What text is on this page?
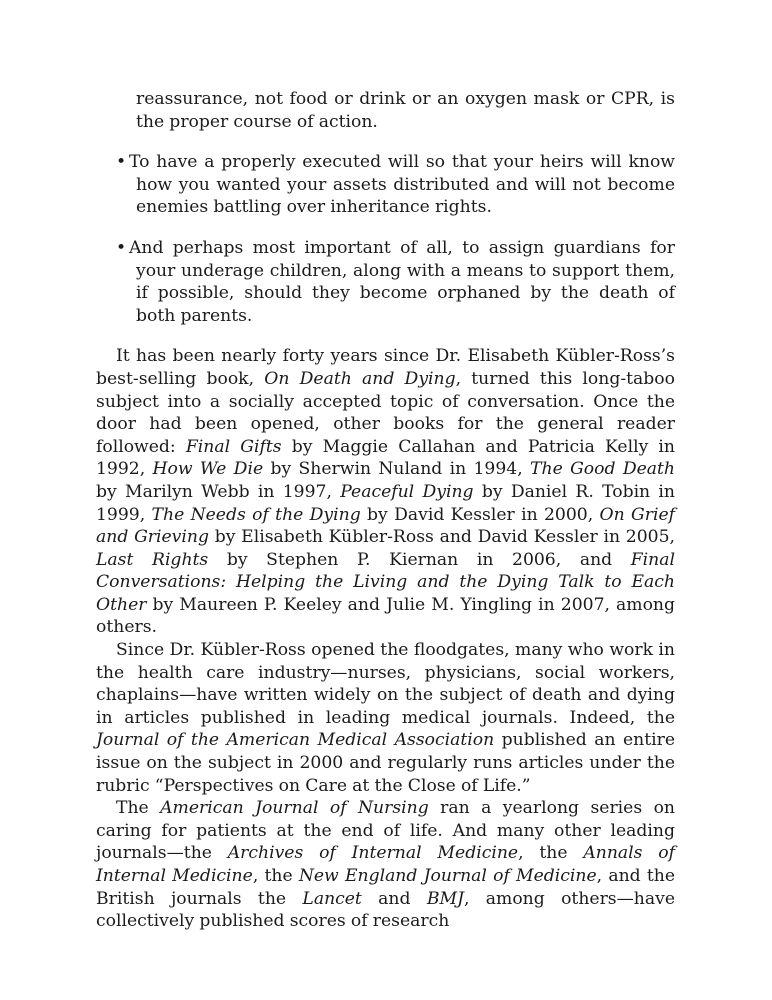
reassurance, not food or drink or an oxygen mask or CPR, is the proper course of action.

• To have a properly executed will so that your heirs will know how you wanted your assets distributed and will not become enemies battling over inheritance rights.

• And perhaps most important of all, to assign guardians for your underage children, along with a means to support them, if possible, should they become orphaned by the death of both parents.

It has been nearly forty years since Dr. Elisabeth Kübler-Ross’s best-selling book, On Death and Dying, turned this long-taboo subject into a socially accepted topic of conversation. Once the door had been opened, other books for the general reader followed: Final Gifts by Maggie Callahan and Patricia Kelly in 1992, How We Die by Sherwin Nuland in 1994, The Good Death by Marilyn Webb in 1997, Peaceful Dying by Daniel R. Tobin in 1999, The Needs of the Dying by David Kessler in 2000, On Grief and Grieving by Elisabeth Kübler-Ross and David Kessler in 2005, Last Rights by Stephen P. Kiernan in 2006, and Final Conversations: Helping the Living and the Dying Talk to Each Other by Maureen P. Keeley and Julie M. Yingling in 2007, among others.

Since Dr. Kübler-Ross opened the floodgates, many who work in the health care industry—nurses, physicians, social workers, chaplains—have written widely on the subject of death and dying in articles published in leading medical journals. Indeed, the Journal of the American Medical Association published an entire issue on the subject in 2000 and regularly runs articles under the rubric “Perspectives on Care at the Close of Life.”

The American Journal of Nursing ran a yearlong series on caring for patients at the end of life. And many other leading journals—the Archives of Internal Medicine, the Annals of Internal Medicine, the New England Journal of Medicine, and the British journals the Lancet and BMJ, among others—have collectively published scores of research
